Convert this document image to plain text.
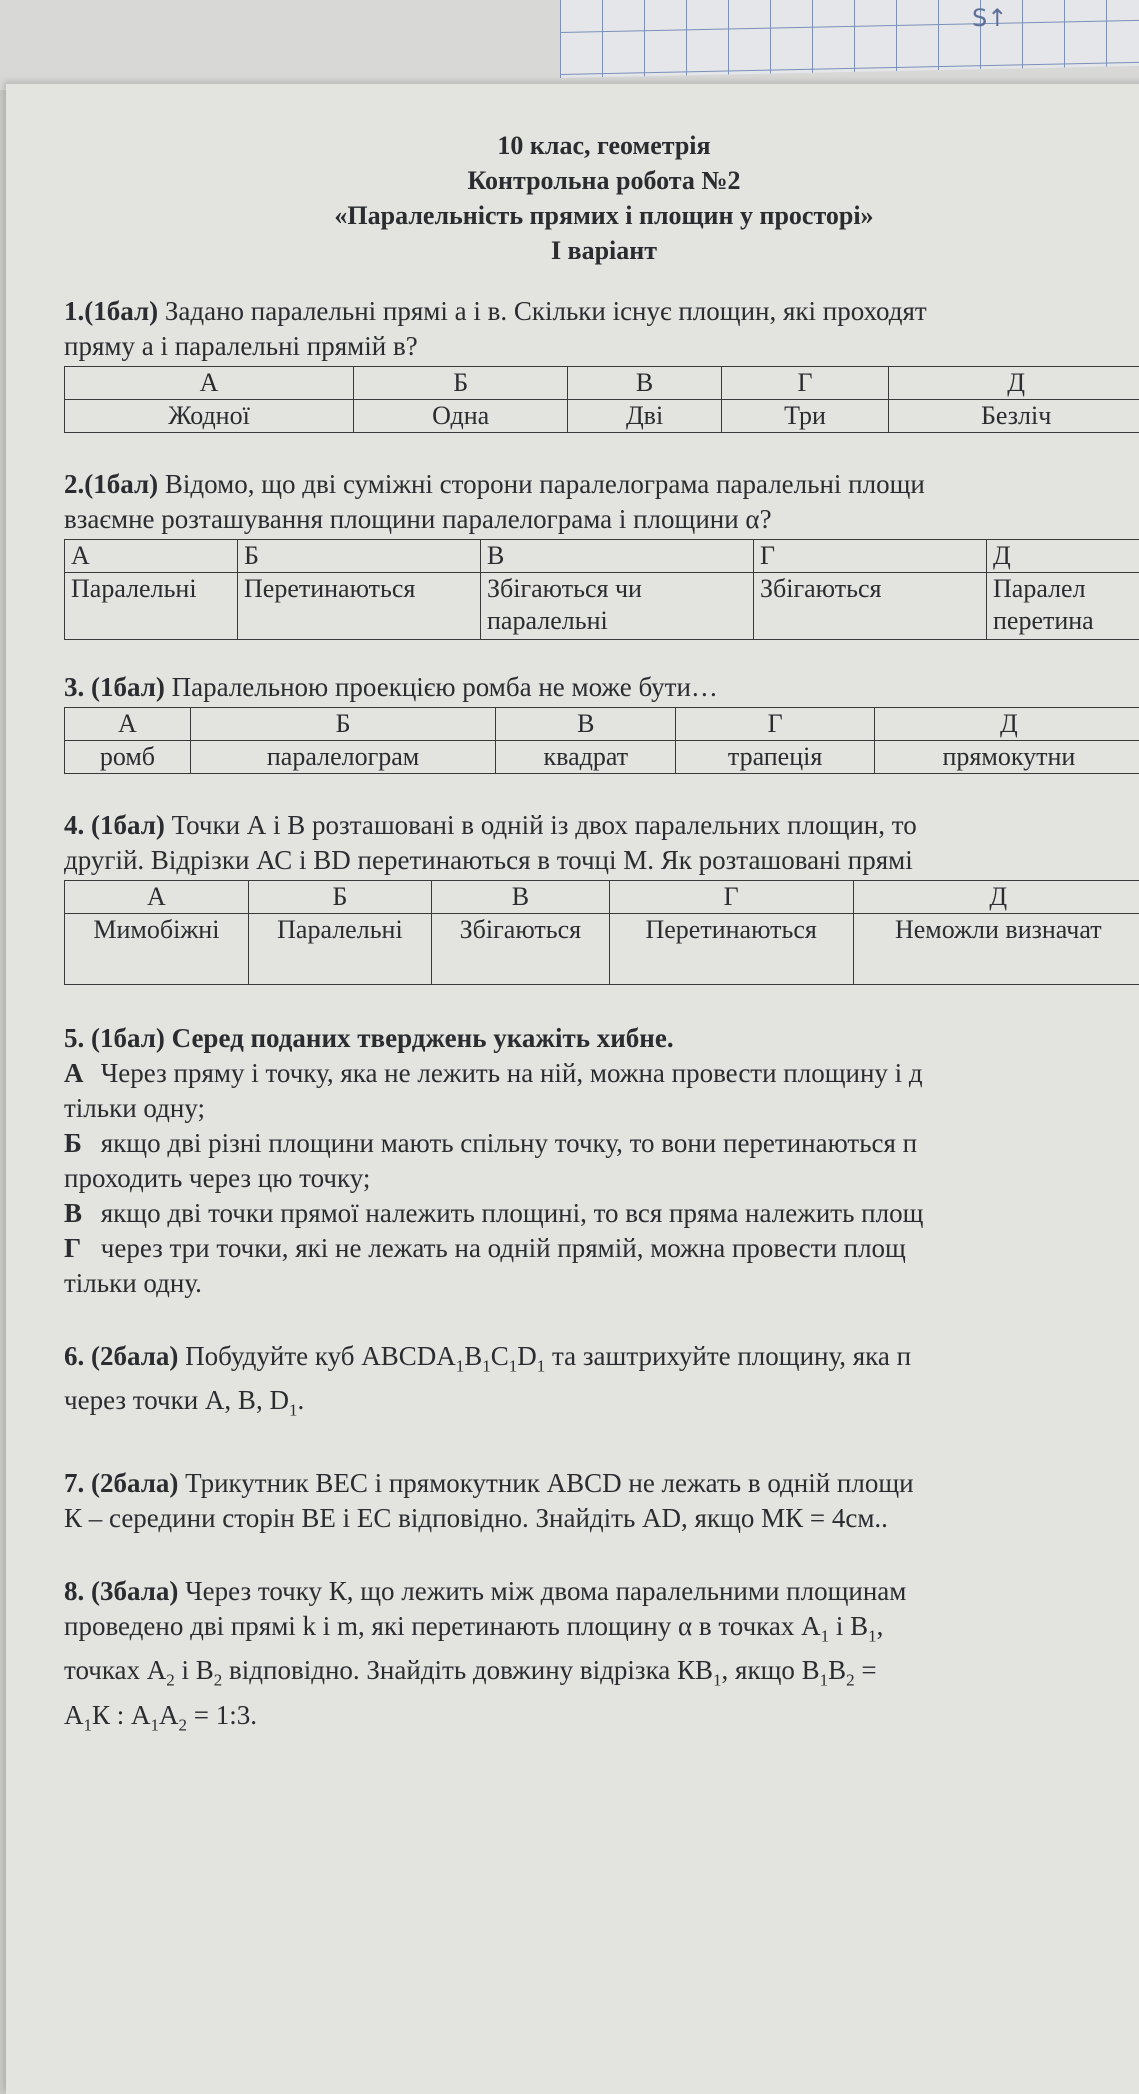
S↑
10 клас, геометрія
Контрольна робота №2
«Паралельність прямих і площин у просторі»
І варіант
1.(1бал) Задано паралельні прямі а і в. Скільки існує площин, які проходят
пряму а і паралельні прямій в?
А	Б	В	Г	Д
Жодної	Одна	Дві	Три	Безліч
2.(1бал) Відомо, що дві суміжні сторони паралелограма паралельні площи
взаємне розташування площини паралелограма і площини α?
А	Б	В	Г	Д
Паралельні	Перетинаються	Збігаються чи паралельні	Збігаються	Паралел перетина
3. (1бал) Паралельною проекцією ромба не може бути…
А	Б	В	Г	Д
ромб	паралелограм	квадрат	трапеція	прямокутни
4. (1бал) Точки А і В розташовані в одній із двох паралельних площин, то
другій. Відрізки АС і ВD перетинаються в точці М. Як розташовані прямі
А	Б	В	Г	Д
Мимобіжні	Паралельні	Збігаються	Перетинаються	Неможли визначат
5. (1бал) Серед поданих тверджень укажіть хибне.
А Через пряму і точку, яка не лежить на ній, можна провести площину і д
тільки одну;
Б якщо дві різні площини мають спільну точку, то вони перетинаються п
проходить через цю точку;
В якщо дві точки прямої належить площині, то вся пряма належить площ
Г через три точки, які не лежать на одній прямій, можна провести площ
тільки одну.
6. (2бала) Побудуйте куб $ABCDA_1B_1C_1D_1$ та заштрихуйте площину, яка п
через точки А, В, $D_1$.
7. (2бала) Трикутник ВЕС і прямокутник АВСD не лежать в одній площи
К – середини сторін ВЕ і ЕС відповідно. Знайдіть АD, якщо МК = 4см..
8. (3бала) Через точку К, що лежить між двома паралельними площинам
проведено дві прямі k і m, які перетинають площину α в точках $A_1$ і $B_1$,
точках $A_2$ і $B_2$ відповідно. Знайдіть довжину відрізка $КB_1$, якщо $B_1B_2$ =
$A_1К$ : $A_1A_2$ = 1:3.
